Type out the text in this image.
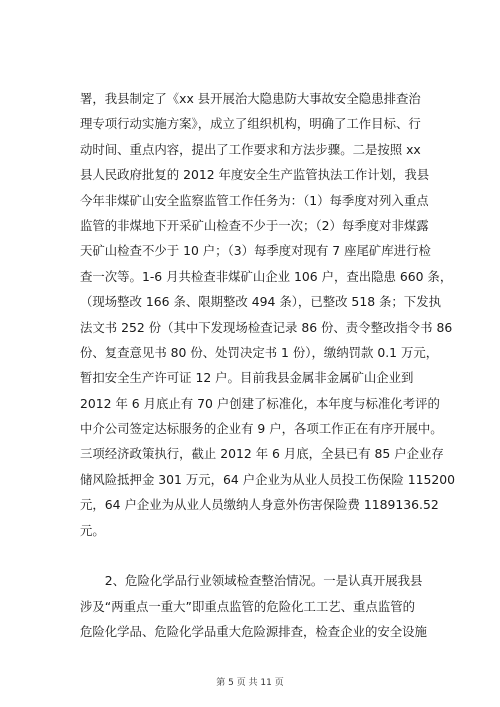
署，我县制定了《xx 县开展治大隐患防大事故安全隐患排查治
理专项行动实施方案》，成立了组织机构，明确了工作目标、行
动时间、重点内容，提出了工作要求和方法步骤。二是按照 xx
县人民政府批复的 2012 年度安全生产监管执法工作计划，我县
今年非煤矿山安全监察监管工作任务为：（1）每季度对列入重点
监管的非煤地下开采矿山检查不少于一次；（2）每季度对非煤露
天矿山检查不少于 10 户；（3）每季度对现有 7 座尾矿库进行检
查一次等。1-6 月共检查非煤矿山企业 106 户，查出隐患 660 条，
（现场整改 166 条、限期整改 494 条），已整改 518 条；下发执
法文书 252 份（其中下发现场检查记录 86 份、责令整改指令书 86
份、复查意见书 80 份、处罚决定书 1 份），缴纳罚款 0.1 万元，
暂扣安全生产许可证 12 户。目前我县金属非金属矿山企业到
2012 年 6 月底止有 70 户创建了标准化，本年度与标准化考评的
中介公司签定达标服务的企业有 9 户，各项工作正在有序开展中。
三项经济政策执行，截止 2012 年 6 月底，全县已有 85 户企业存
储风险抵押金 301 万元，64 户企业为从业人员投工伤保险 115200
元，64 户企业为从业人员缴纳人身意外伤害保险费 1189136.52
元。
　　2、危险化学品行业领域检查整治情况。一是认真开展我县
涉及“两重点一重大”即重点监管的危险化工工艺、重点监管的
危险化学品、危险化学品重大危险源排查，检查企业的安全设施
第 5 页 共 11 页
